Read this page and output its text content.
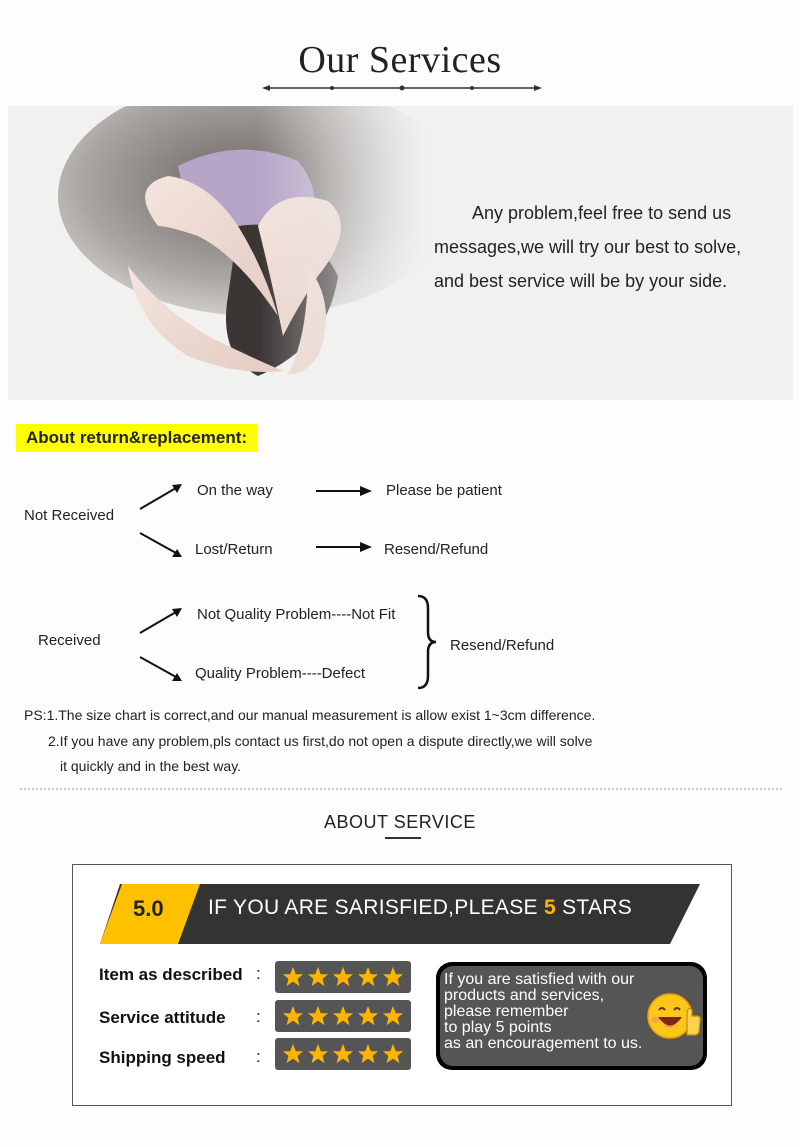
Our Services
Any problem,feel free to send us
messages,we will try our best to solve,
and best service will be by your side.
About return&replacement:
Not Received
On the way
Lost/Return
Please be patient
Resend/Refund
Received
Not Quality Problem----Not Fit
Quality Problem----Defect
Resend/Refund
PS:1.The size chart is correct,and our manual measurement is allow exist 1~3cm difference.
2.If you have any problem,pls contact us first,do not open a dispute directly,we will solve
it quickly and in the best way.
ABOUT SERVICE
5.0 IF YOU ARE SARISFIED,PLEASE 5 STARS
Item as described :
Service attitude :
Shipping speed :
If you are satisfied with our
products and services,
please remember
to play 5 points
as an encouragement to us.
